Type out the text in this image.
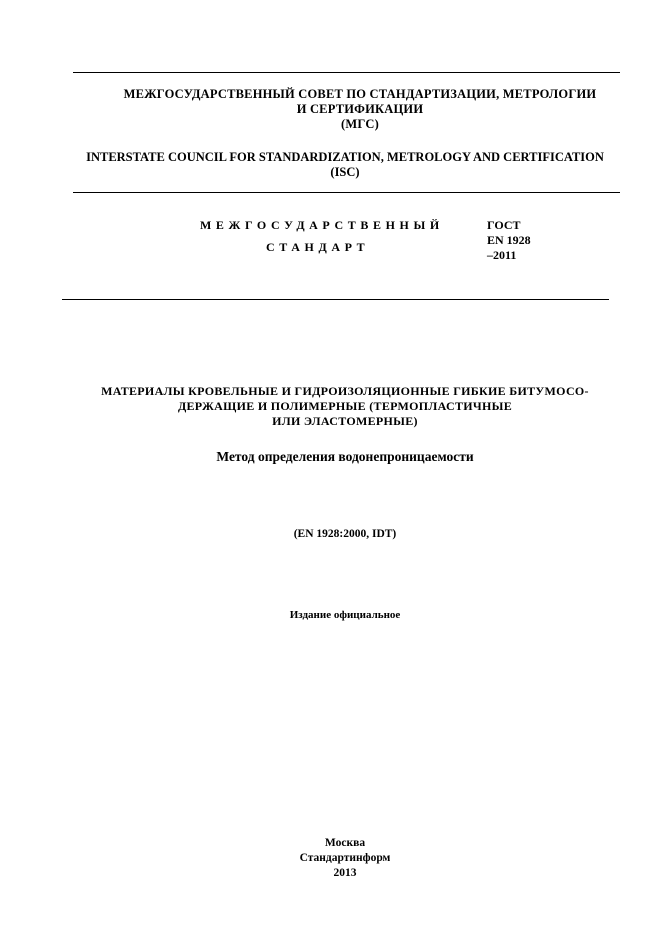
МЕЖГОСУДАРСТВЕННЫЙ СОВЕТ ПО СТАНДАРТИЗАЦИИ, МЕТРОЛОГИИ
И СЕРТИФИКАЦИИ
(МГС)
INTERSTATE COUNCIL FOR STANDARDIZATION, METROLOGY AND CERTIFICATION
(ISC)
МЕЖГОСУДАРСТВЕННЫЙ
СТАНДАРТ
ГОСТ
EN 1928
–2011
МАТЕРИАЛЫ КРОВЕЛЬНЫЕ И ГИДРОИЗОЛЯЦИОННЫЕ ГИБКИЕ БИТУМОСО-
ДЕРЖАЩИЕ И ПОЛИМЕРНЫЕ (ТЕРМОПЛАСТИЧНЫЕ
ИЛИ ЭЛАСТОМЕРНЫЕ)
Метод определения водонепроницаемости
(EN 1928:2000, IDT)
Издание официальное
Москва
Стандартинформ
2013
